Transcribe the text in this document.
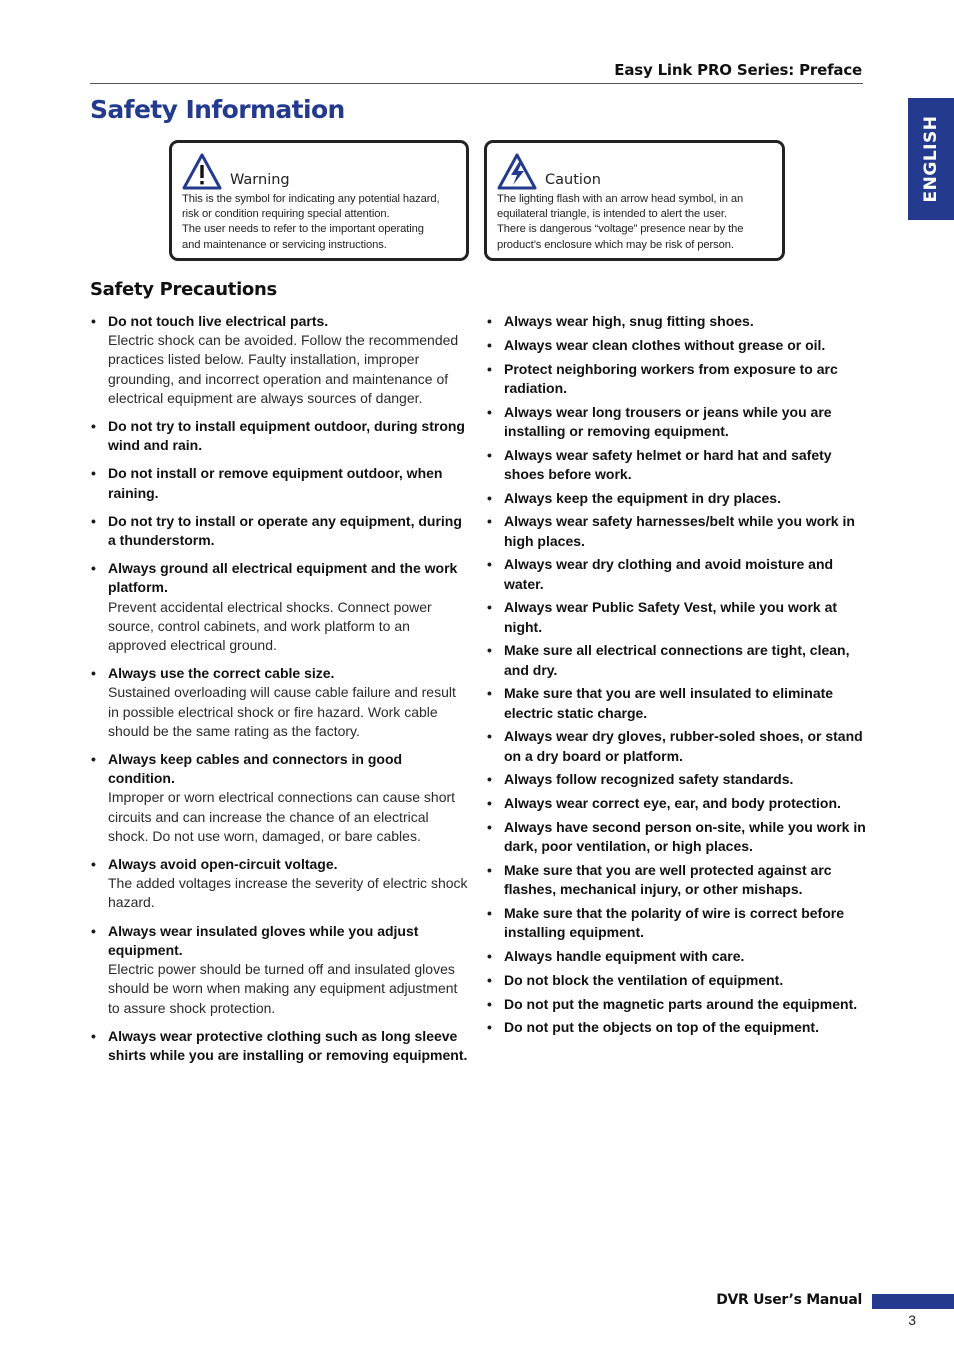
Easy Link PRO Series: Preface
ENGLISH
Safety Information
Warning
This is the symbol for indicating any potential hazard,
risk or condition requiring special attention.
The user needs to refer to the important operating
and maintenance or servicing instructions.
Caution
The lighting flash with an arrow head symbol, in an
equilateral triangle, is intended to alert the user.
There is dangerous “voltage” presence near by the
product’s enclosure which may be risk of person.
Safety Precautions
• Do not touch live electrical parts.
Electric shock can be avoided. Follow the recommended practices listed below. Faulty installation, improper grounding, and incorrect operation and maintenance of electrical equipment are always sources of danger.
• Do not try to install equipment outdoor, during strong wind and rain.
• Do not install or remove equipment outdoor, when raining.
• Do not try to install or operate any equipment, during a thunderstorm.
• Always ground all electrical equipment and the work platform.
Prevent accidental electrical shocks. Connect power source, control cabinets, and work platform to an approved electrical ground.
• Always use the correct cable size.
Sustained overloading will cause cable failure and result in possible electrical shock or fire hazard. Work cable should be the same rating as the factory.
• Always keep cables and connectors in good condition.
Improper or worn electrical connections can cause short circuits and can increase the chance of an electrical shock. Do not use worn, damaged, or bare cables.
• Always avoid open-circuit voltage.
The added voltages increase the severity of electric shock hazard.
• Always wear insulated gloves while you adjust equipment.
Electric power should be turned off and insulated gloves should be worn when making any equipment adjustment to assure shock protection.
• Always wear protective clothing such as long sleeve shirts while you are installing or removing equipment.
• Always wear high, snug fitting shoes.
• Always wear clean clothes without grease or oil.
• Protect neighboring workers from exposure to arc radiation.
• Always wear long trousers or jeans while you are installing or removing equipment.
• Always wear safety helmet or hard hat and safety shoes before work.
• Always keep the equipment in dry places.
• Always wear safety harnesses/belt while you work in high places.
• Always wear dry clothing and avoid moisture and water.
• Always wear Public Safety Vest, while you work at night.
• Make sure all electrical connections are tight, clean, and dry.
• Make sure that you are well insulated to eliminate electric static charge.
• Always wear dry gloves, rubber-soled shoes, or stand on a dry board or platform.
• Always follow recognized safety standards.
• Always wear correct eye, ear, and body protection.
• Always have second person on-site, while you work in dark, poor ventilation, or high places.
• Make sure that you are well protected against arc flashes, mechanical injury, or other mishaps.
• Make sure that the polarity of wire is correct before installing equipment.
• Always handle equipment with care.
• Do not block the ventilation of equipment.
• Do not put the magnetic parts around the equipment.
• Do not put the objects on top of the equipment.
DVR User’s Manual
3
